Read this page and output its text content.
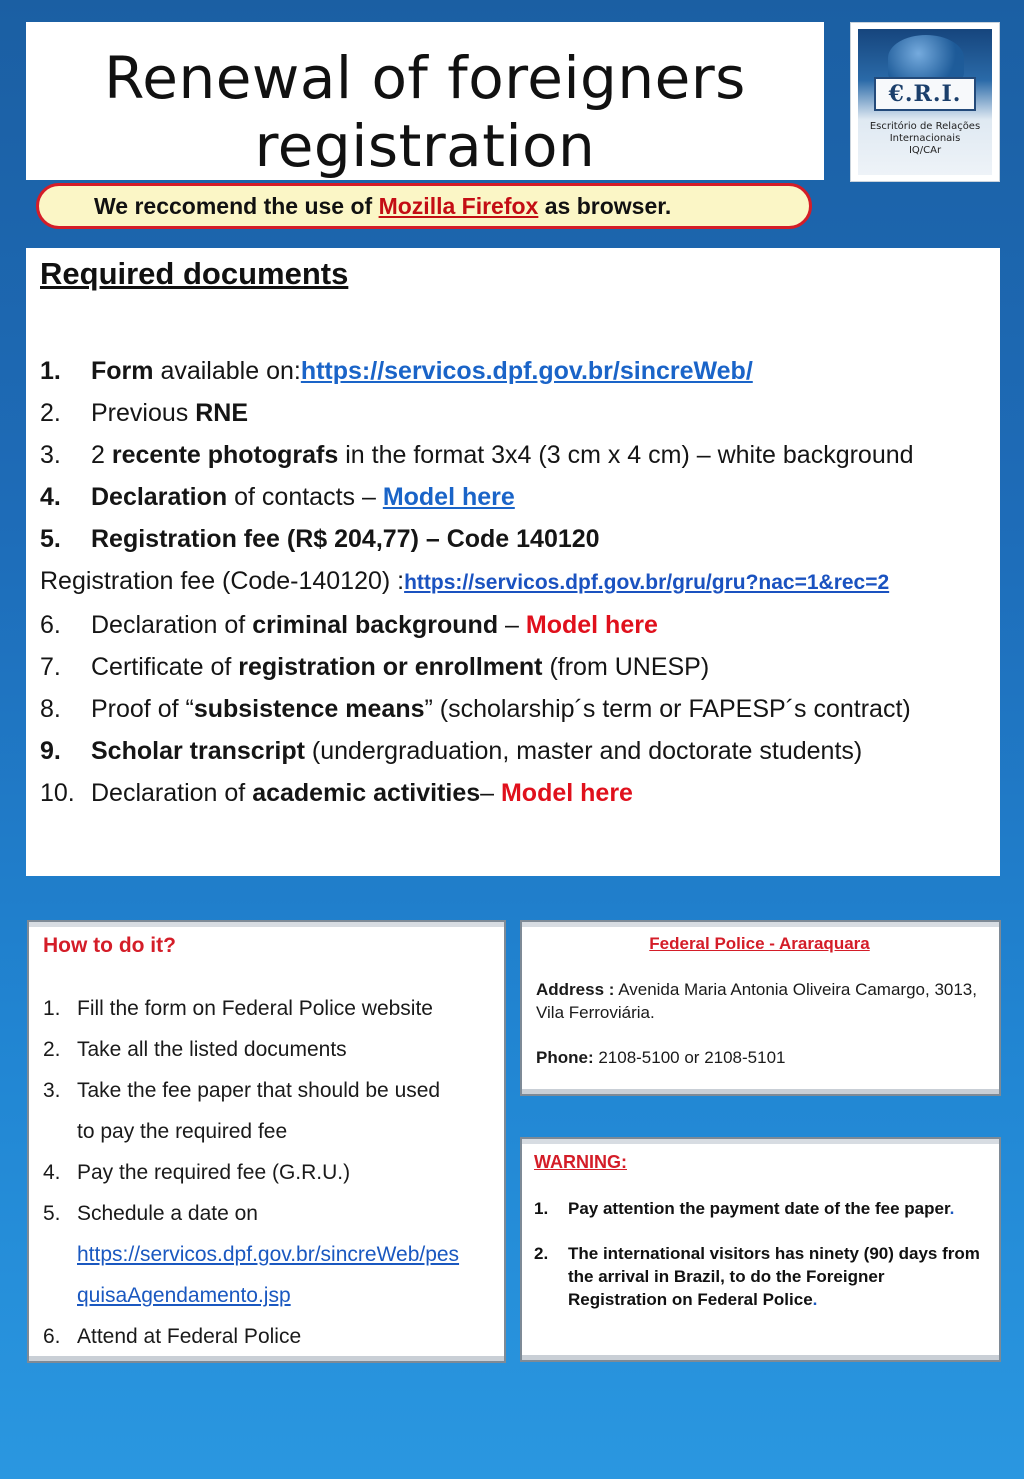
Renewal of foreigners
registration
€.R.I.
Escritório de Relações
Internacionais
IQ/CAr
We reccomend the use of Mozilla Firefox as browser.
Required documents
1.	Form available on:https://servicos.dpf.gov.br/sincreWeb/
2.	Previous RNE
3.	2 recente photografs in the format 3x4 (3 cm x 4 cm) – white background
4.	Declaration of contacts – Model here
5.	Registration fee (R$ 204,77) – Code 140120
Registration fee (Code-140120) :https://servicos.dpf.gov.br/gru/gru?nac=1&rec=2
6.	Declaration of criminal background – Model here
7.	Certificate of registration or enrollment (from UNESP)
8.	Proof of “subsistence means” (scholarship´s term or FAPESP´s contract)
9.	Scholar transcript (undergraduation, master and doctorate students)
10. Declaration of academic activities– Model here
How to do it?
1. Fill the form on Federal Police website
2. Take all the listed documents
3. Take the fee paper that should be used
to pay the required fee
4. Pay the required fee (G.R.U.)
5. Schedule a date on
https://servicos.dpf.gov.br/sincreWeb/pes
quisaAgendamento.jsp
6. Attend at Federal Police
Federal Police - Araraquara

Address : Avenida Maria Antonia Oliveira Camargo, 3013, Vila Ferroviária.

Phone: 2108-5100 or 2108-5101

WARNING:
1.	Pay attention the payment date of the fee paper.
2.	The international visitors has ninety (90) days from the arrival in Brazil, to do the Foreigner Registration on Federal Police.
